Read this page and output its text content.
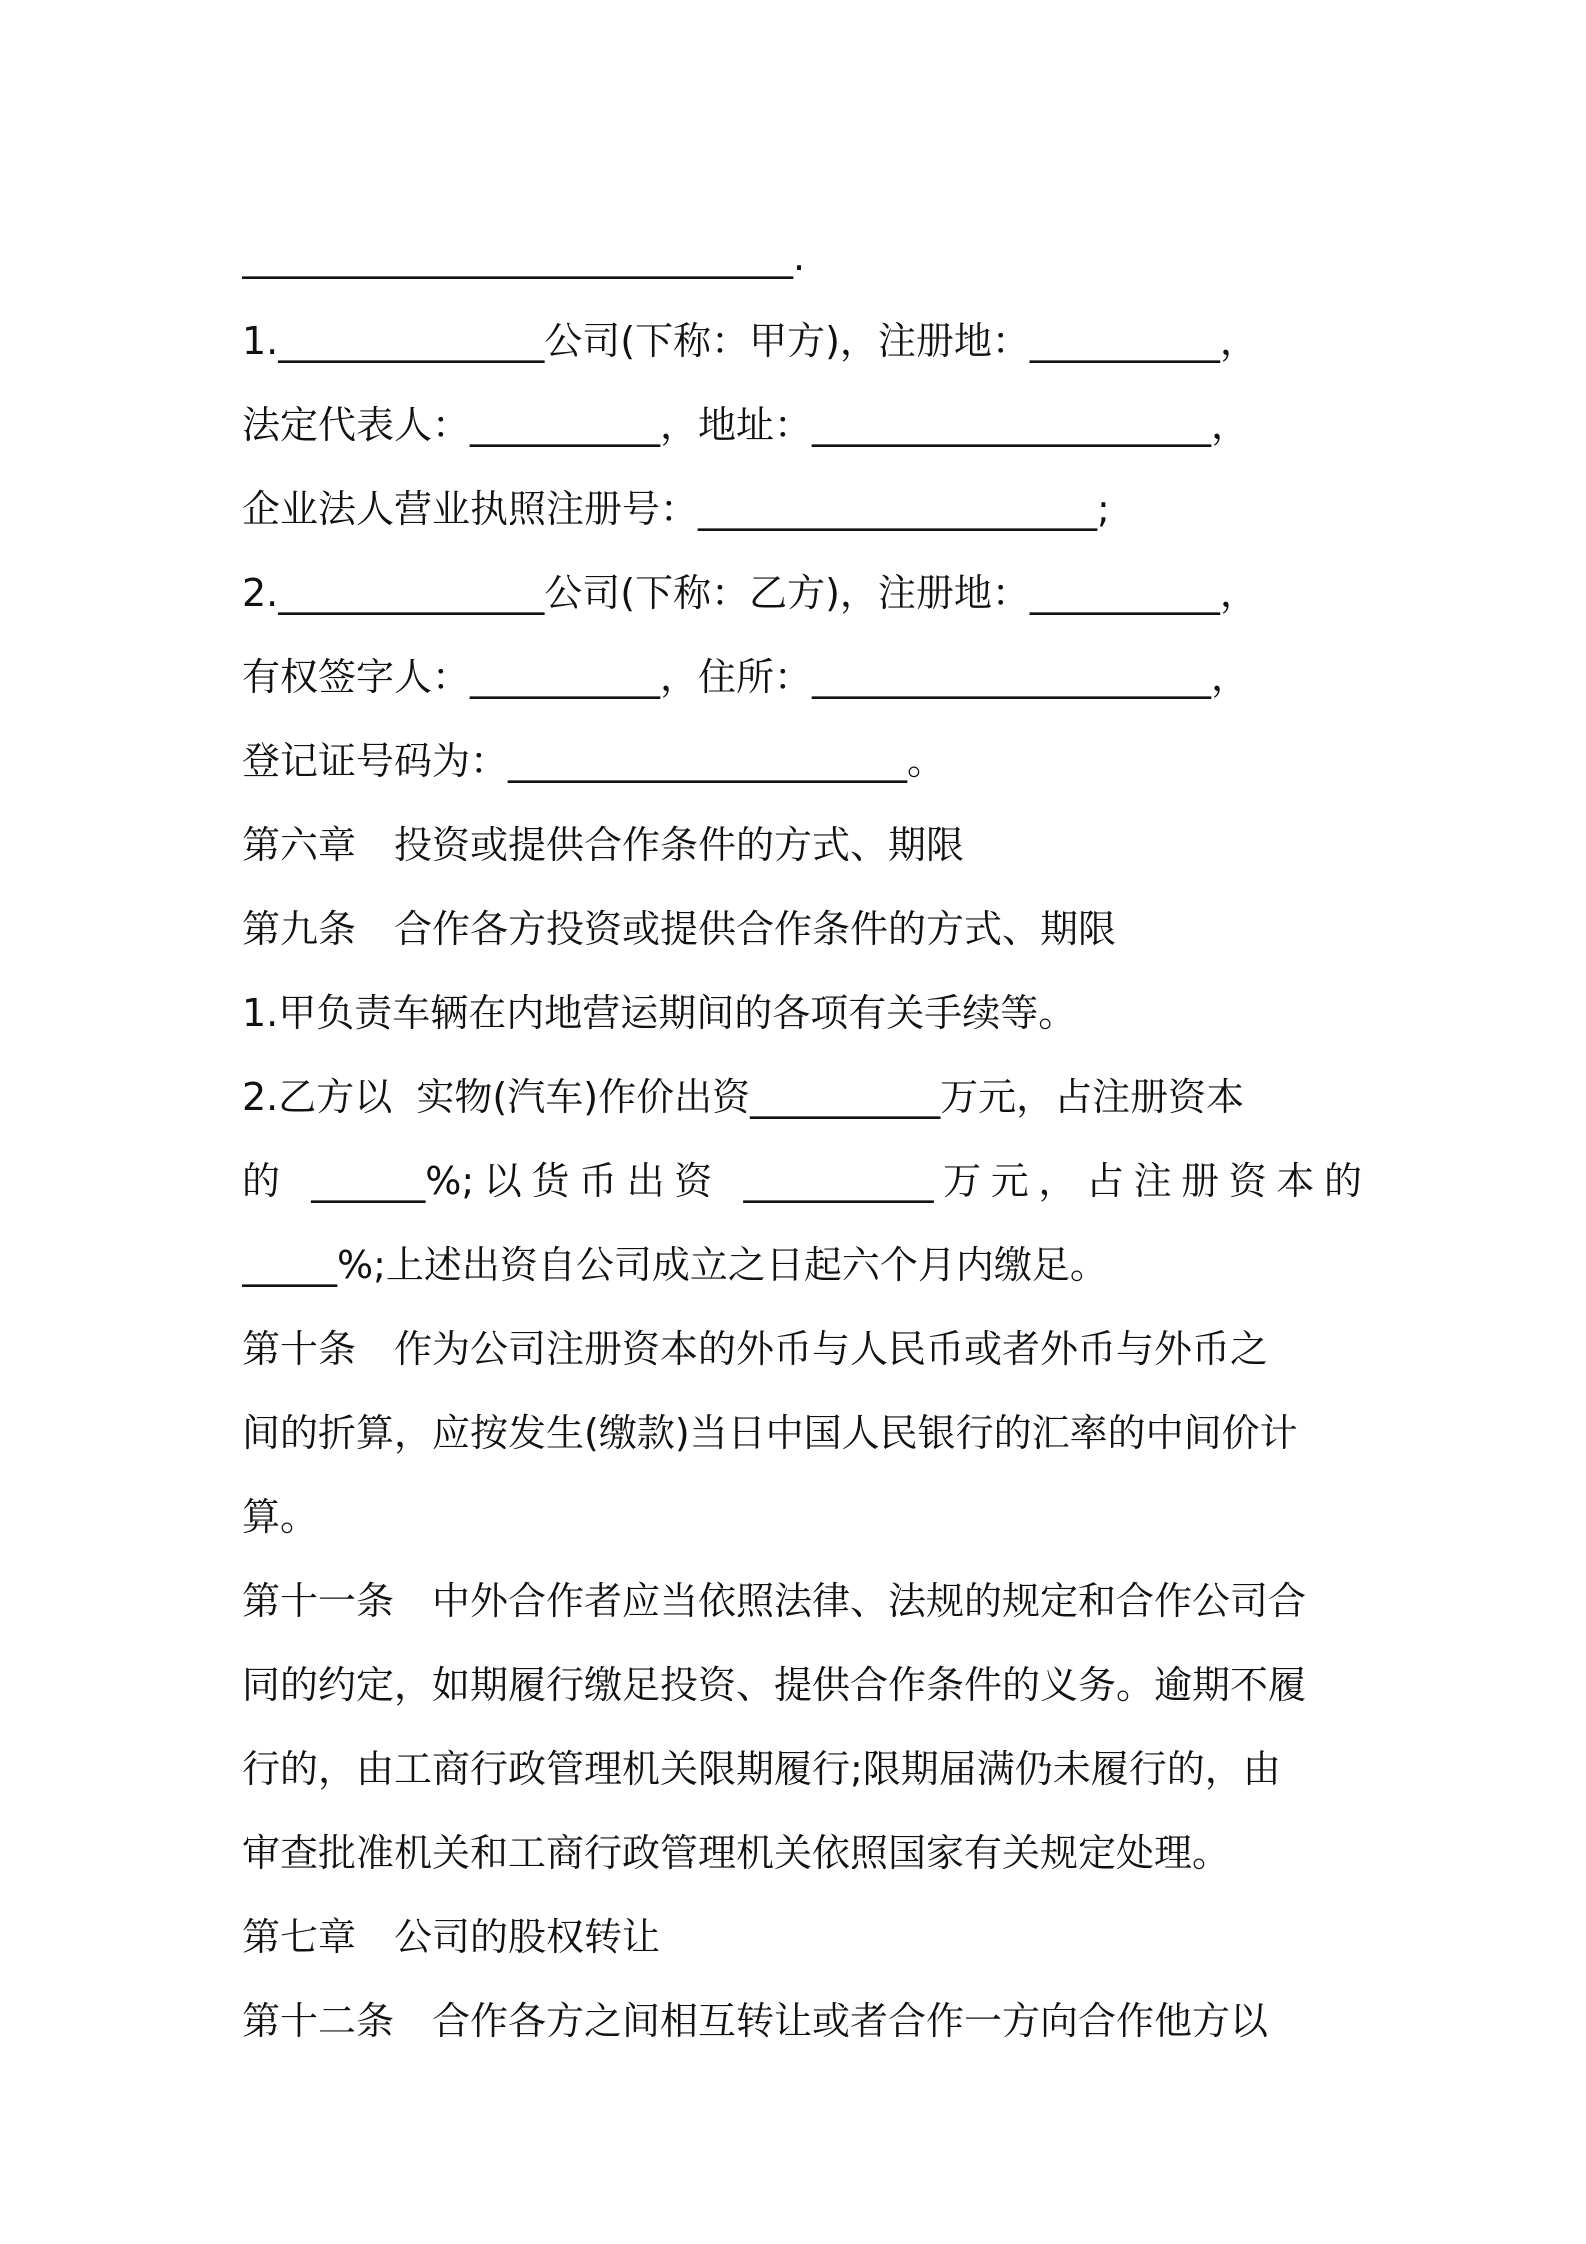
_____________________________.
1.______________公司(下称：甲方)，注册地：__________，
法定代表人：__________，地址：_____________________，
企业法人营业执照注册号：_____________________;
2.______________公司(下称：乙方)，注册地：__________，
有权签字人：__________，住所：_____________________，
登记证号码为：_____________________。
第六章　投资或提供合作条件的方式、期限
第九条　合作各方投资或提供合作条件的方式、期限
1.甲负责车辆在内地营运期间的各项有关手续等。
2.乙方以  实物(汽车)作价出资__________万元，占注册资本
的 ______%;以货币出资 __________万元，占注册资本的
_____%;上述出资自公司成立之日起六个月内缴足。
第十条　作为公司注册资本的外币与人民币或者外币与外币之
间的折算，应按发生(缴款)当日中国人民银行的汇率的中间价计
算。
第十一条　中外合作者应当依照法律、法规的规定和合作公司合
同的约定，如期履行缴足投资、提供合作条件的义务。逾期不履
行的，由工商行政管理机关限期履行;限期届满仍未履行的，由
审查批准机关和工商行政管理机关依照国家有关规定处理。
第七章　公司的股权转让
第十二条　合作各方之间相互转让或者合作一方向合作他方以
